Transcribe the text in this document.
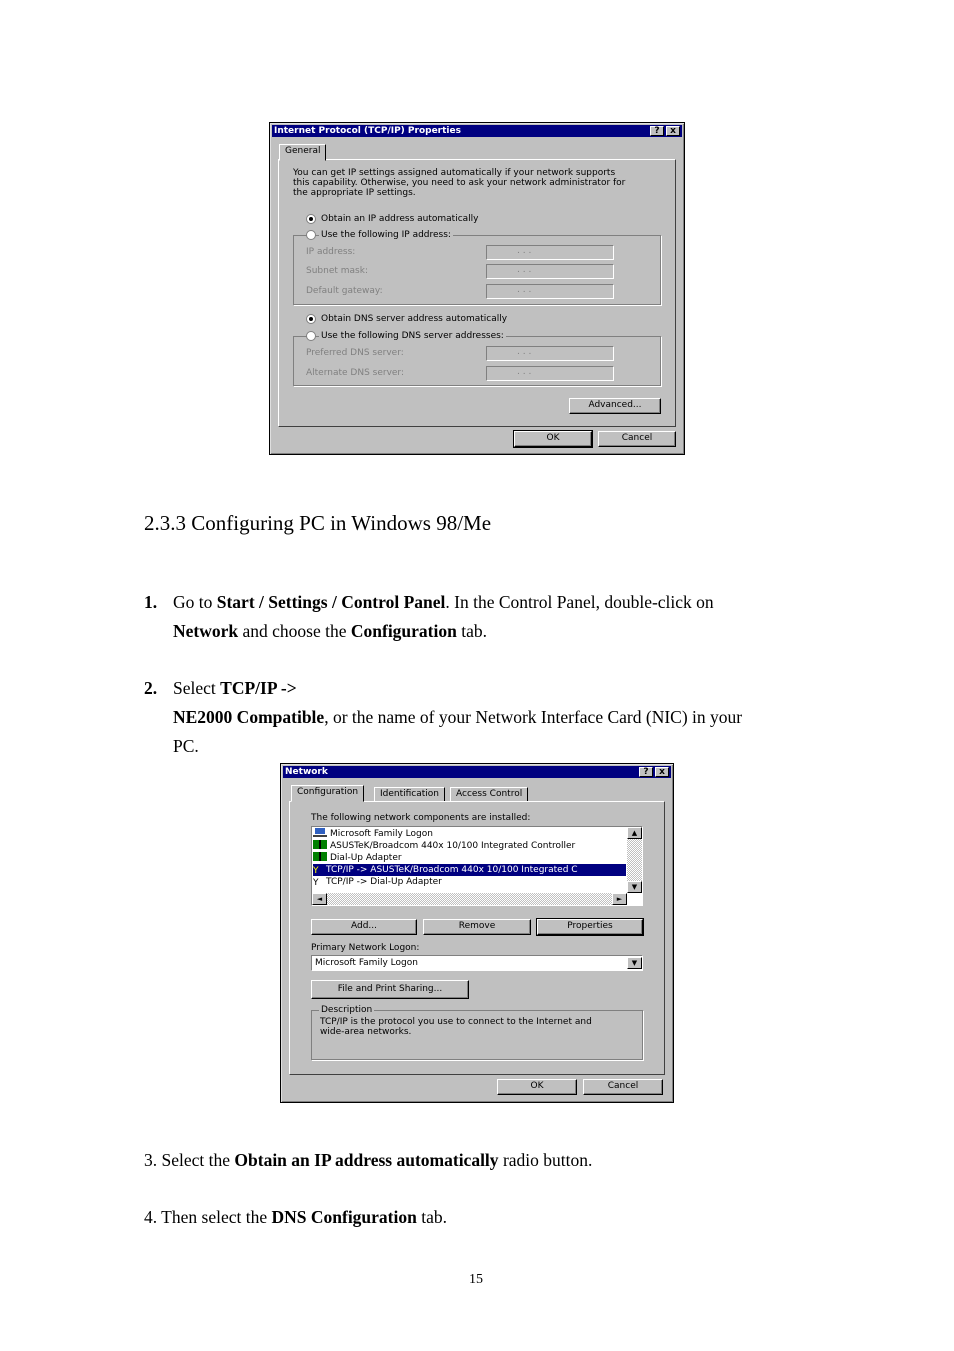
Internet Protocol (TCP/IP) Properties	?	x
General
You can get IP settings assigned automatically if your network supports
this capability. Otherwise, you need to ask your network administrator for
the appropriate IP settings.
Obtain an IP address automatically
Use the following IP address:
IP address:	. . .
Subnet mask:	. . .
Default gateway:	. . .
Obtain DNS server address automatically
Use the following DNS server addresses:
Preferred DNS server:	. . .
Alternate DNS server:	. . .
Advanced...
OK	Cancel
2.3.3 Configuring PC in Windows 98/Me
1. Go to Start / Settings / Control Panel. In the Control Panel, double-click on
Network and choose the Configuration tab.
2. Select TCP/IP ->
NE2000 Compatible, or the name of your Network Interface Card (NIC) in your
PC.
Network	?	x
Configuration	Identification	Access Control
The following network components are installed:
Microsoft Family Logon
ASUSTeK/Broadcom 440x 10/100 Integrated Controller
Dial-Up Adapter
Y TCP/IP -> ASUSTeK/Broadcom 440x 10/100 Integrated C
Y TCP/IP -> Dial-Up Adapter
▲
▼
◄	►
Add...	Remove	Properties
Primary Network Logon:
Microsoft Family Logon	▼
File and Print Sharing...
Description
TCP/IP is the protocol you use to connect to the Internet and
wide-area networks.
OK	Cancel
3. Select the Obtain an IP address automatically radio button.
4. Then select the DNS Configuration tab.
15
